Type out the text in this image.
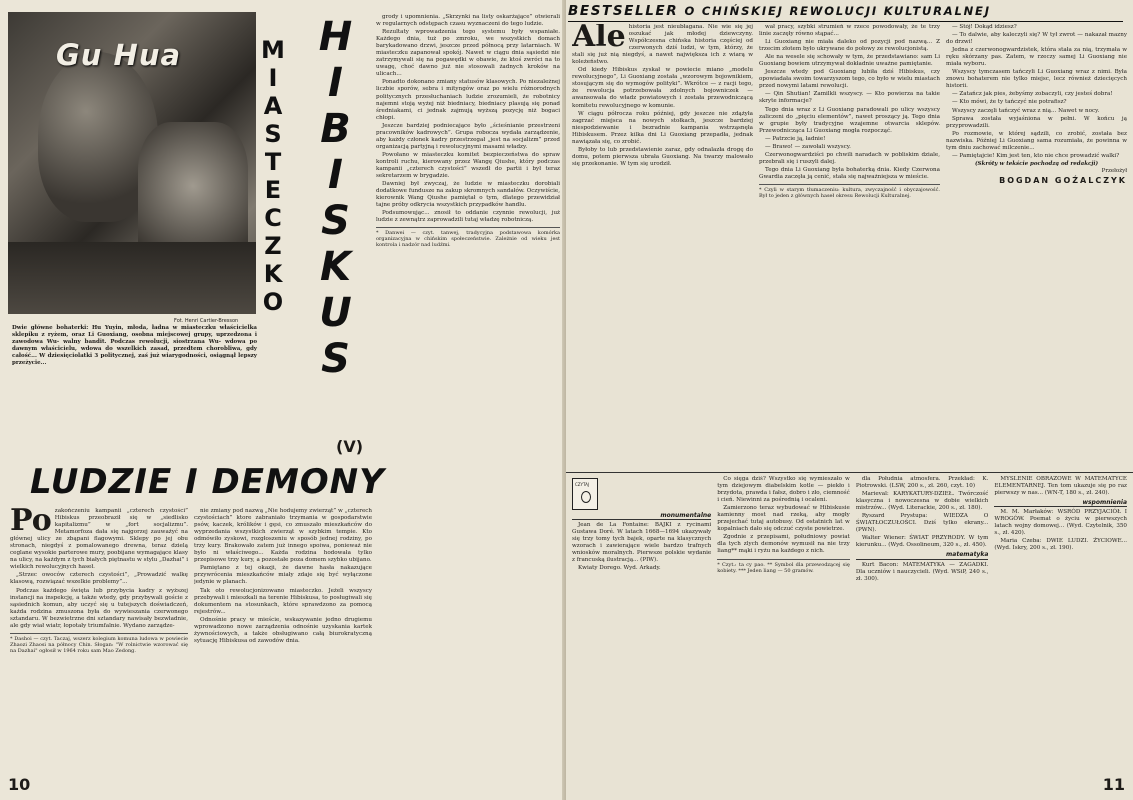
Gu Hua	MIASTECZKO HIBISKUS
Fot. Henri Cartier-Bresson
Dwie główne bohaterki: Hu Yuyin, młoda, ładna w miasteczku właścicielka sklepiku z ryżem, oraz Li Guoxiang, osobna miejscowej grupy, uprzedzona i zawodowa Wu- walny bandit. Podczas rewolucji, siostrzana Wu- wdowa po dawnym właścicielu, wdowa do wszelkich zasad, przedtem chorobliwa, gdy całość... W dziesięciolatki 3 politycznej, zaś już wiarygodności, osiągnął lepszy przeżycie...
(V)
LUDZIE I DEMONY

grody i upomnienia. „Skrzynki na listy oskarżające” otwierali w regularnych odstępach czasu wyznaczeni do tego ludzie.

Rezultaty wprowadzenia tego systemu były wspaniałe. Każdego dnia, tuż po zmroku, we wszystkich domach barykadowano drzwi, jeszcze przed północą przy latarniach. W miasteczku zapanował spokój. Nawet w ciągu dnia sąsiedzi nie zatrzymywali się na pogawędki w obawie, że ktoś zwróci na to uwagę, choć dawno już nie stosowali żadnych kroków na ulicach...

Ponadto dokonano zmiany statusów klasowych. Po niezależnej liczbie sporów, sebra i mityngów oraz po wielu różnorodnych politycznych przesłuchaniach ludzie zrozumieli, że robotnicy najemni stoją wyżej niż biedniacy, biedniacy plasują się ponad średniakami, ci jednak zajmują wyższą pozycję niż bogaci chłopi.

Jeszcze bardziej podniecające było „ścieśnianie przestrzeni pracowników kadrowych”. Grupa robocza wydała zarządzenie, aby każdy członek kadry przestrzegał „jest na socjalizm” przed organizacją partyjną i rewolucyjnymi masami władzy.

Powołano w miasteczku komitet bezpieczeństwa do spraw kontroli ruchu, kierowany przez Wangę Qiushe, który podczas kampanii „czterech czystości” wszedł do partii i był teraz sekretarzem w brygadzie.

Dawniej był zwyczaj, że ludzie w miasteczku dorobiali dodatkowe fundusze na zakup skromnych sandałów. Oczywiście, kierownik Wang Qiushe pamiętał o tym, dlatego przewidział tajne próby odkrycia wszystkich przypadków handlu.

Podsumowując... znosił to oddanie czynnie rewolucji, już ludzie z zewnątrz zaprowadzili tutaj władzę robotniczą.

* Danwei — czyt. tanwej, tradycyjna podstawowa komórka organizacyjna w chińskim społeczeństwie. Zależnie od wieku jest kontrola i nadzór nad ludźmi.

Po zakończeniu kampanii „czterech czystości” Hibiskus przeobraził się w „siedlisko kapitalizmu” w „fort socjalizmu”. Metamorfoza dała się najgorzej zauważyć na głównej ulicy ze zbąpani flagowymi. Sklepy po jej obu stronach, niegdyś z pomalowanego drewna, teraz dzielą ceglane wysokie parterowe mury, poobijane wymagające klasy na ulicy, na każdym z tych białych piętnastu w stylu „Dazhai” i wielkich rewolucyjnych haseł.

„Strzec owoców czterech czystości”, „Prowadzić walkę klasową, rozwiązać wszelkie problemy”...

Podczas każdego święta lub przybycia kadry z wyższej instancji na inspekcję, a także wtedy, gdy przybywali goście z sąsiednich komun, aby uczyć się u tutejszych doświadczeń, każda rodzina zmuszona była do wywieszania czerwonego sztandaru. W bezwietrzne dni sztandary nawisały bezwładnie, ale gdy wiał wiatr, łopotały triumfalnie. Wydano zarządze-

* Dashoi — czyt. Taczaj, wszerz kolegium komuna ludowa w powiecie Zhaozi Zhaosi na północy Chin. Słogan: "W rolnictwie wzorować się na Dazhai" ogłosił w 1964 roku sam Mao Zedong.

nie zmiany pod nazwą „Nie hodujemy zwierząt” w „czterech czystościach” ktore zabraniało trzymania w gospodarstwie psów, kaczek, królików i gęsi, co zmuszało mieszkańców do wyprzedania wszystkich zwierząt w szybkim tempie. Kto odmówiło zyskowi, rozgłoszeniu w sposób jednej rodziny, po trzy kury. Brakowało zatem już innego spoiwa, ponieważ nie było ni właściwego... Każda rodzina hodowała tylko przepisowe trzy kury, a pozostałe poza domem szybko ubijano.

Pamiętano z tej okazji, że dawne hasła nakazujące przywrócenia mieszkańców miały zdaje się być wyłączone jedynie w planach.

Tak oto rewolucjonizowano miasteczko. Jeżeli wszyscy przebywali i mieszkali na terenie Hibiskusa, to posługiwali się dokumentem na stosunkach, które sprawdzono za pomocą rejestrów...

Odnośnie pracy w mieście, wskazywanie jedno drugiemu wprowadzono nowe zarządzenia odnośnie uzyskania kartek żywnościowych, a także obsługiwano całą biurokratyczną sytuację Hibiskusa od zawodów dnia.

10
BESTSELLER O CHIŃSKIEJ REWOLUCJI KULTURALNEJ

Ale historia jest nieubłagana. Nie wie się jej oszukać jak młodej dziewczyny. Współczesna chińska historia częściej od czerwonych dziś ludzi, w tym, którzy, że stali się już nią niegdyś, a nawet największa ich z wiarą w koleżeństwo.

Od kiedy Hibiskus zyskał w powiecie miano „modelu rewolucyjnego”, Li Guoxiang została „wzorowym bojownikiem, stosującym się do wymogów polityki”. Wkrótce — z racji tego, że rewolucja potrzebowała zdolnych bojowniczek — awansowała do władz powiatowych i została przewodniczącą komitetu rewolucyjnego w komunie.

W ciągu półrocza roku później, gdy jeszcze nie zdążyła zagrzać miejsca na nowych stołkach, jeszcze bardziej niespodziewanie i bezradnie kampania wstrząsnęła Hibiskusem. Przez kilka dni Li Guoxiang przepadła, jednak nawiązała się, co zrobić.

Byłoby to lub przedstawienie zaraz, gdy odnalazła drogę do domu, potem pierwsza ubrała Guoxiang. Na twarzy malowało się przekonanie. W tym się urodził.

wał pracy, szybki strumień w rzece powodowały, że te trzy linie zaczęły równo stąpać...

Li Guoxiang nie miała daleko od pozycji pod nazwą... Z trzecim złotem było ukrywane do połowy ze rewolucjonistą.

Ale na wesele się schowały w tym, że przedstawiano: sam Li Guoxiang bowiem utrzymywał dokładnie uważne pamiętanie.

Jeszcze wtedy pod Guoxiang lubiła dziś Hibiskus, czy opowiadała swoim towarzyszom tego, co było w wielu miastach przed nowymi latami rewolucji.

— Qin Shutian! Zamilkli wszyscy. — Kto powierza na takie skryte informacje?

Tego dnia wraz z Li Guoxiang paradowali po ulicy wszyscy zaliczeni do „pięciu elementów”, nawet proszący ją. Tego dnia w grupie były tradycyjne wzajemne otwarcia sklepów. Przewodnicząca Li Guoxiang mogła rozpocząć.

— Patrzcie ją, ładnie!

— Brawo! — zawołali wszyscy.

Czerwonogwardziści po chwili naradach w pobliskim dziale, przebrali się i ruszyli dalej.

Tego dnia Li Guoxiang była bohaterką dnia. Kiedy Czerwona Gwardia zaczęła ją cenić, stała się najważniejsza w mieście.

* Czyli w starym tłumaczeniu: kultura, zwyczajność i obyczajowość. Był to jeden z głównych haseł okresu Rewolucji Kulturalnej.

— Stój! Dokąd idziesz?

— To dalwie, aby kaleczyli się? W tył zwrot — nakazał mazny do drzwi!

Jedna z czerwonogwardzistek, która stała za nią, trzymała w ręku skórzany pas. Zatem, w rzeczy samej Li Guoxiang nie miała wyboru.

Wszyscy tymczasem tańczyli Li Guoxiang wraz z nimi. Była znowu bohaterem nie tylko miejsc, lecz również dziecięcych historii.

— Zatańcz jak pies, żebyśmy zobaczyli, czy jesteś dobra!

— Kto mówi, że ty tańczyć nie potrafisz?

Wszyscy zaczęli tańczyć wraz z nią... Nawet w nocy.

Sprawa została wyjaśniona w pełni. W końcu ją przyprowadzili.

Po rozmowie, w której sądzili, co zrobić, została bez nazwiska. Później Li Guoxiang sama rozumiała, że powinna w tym dniu zachować milczenie...

— Pamiętajcie! Kim jest ten, kto nie chce prowadzić walki?

(Skróty w tekście pochodzą od redakcji)
Przełożył
BOGDAN GOŹALCZYK
CZYTAJ
monumentalne

Jean de La Fontaine: BAJKI z rycinami Gustawa Doré. W latach 1668—1694 ukazywały się trzy tomy tych bajek, oparte na klasycznych wzorach i zawierające wiele bardzo trafnych wniosków moralnych. Pierwsze polskie wydanie z francuską ilustracją... (PIW).

Kwiaty Dorego. Wyd. Arkady.

Co sięga dziś? Wszystko się wymieszało w tym dziejowym diabelskim kotle — piekło i brzydota, prawda i fałsz, dobro i zło, ciemność i cień. Niewinni za pośrednią i ocaleni.

Zamierzono teraz wybudować w Hibiskusie kamienny most nad rzeką, aby mogły przejechać tutaj autobusy. Od ostatnich lat w kopalniach dało się odczuć czyste powietrze.

Zgodnie z przepisami, południowy powiat dla tych zlych demonów wymusił na nie trzy liang** mąki i ryżu na każdego z nich.

* Czyt.: ta cy pao. ** Symbol dla przewodzącej się kobiety. *** Jeden liang — 50 gramów.

dla Południa atmosfera. Przekład: K. Piotrowski. (LSW, 200 s., zł. 260, czyt. 10)

Marieval: KARYKATURY-DZIEŁ. Twórczość klasyczna i nowoczesna w dobie wielkich mistrzów... (Wyd. Literackie, 200 s., zł. 180).

Ryszard Prystupa: WIEDZA O ŚWIATŁOCZUŁOŚCI. Dziś tylko ekrany... (PWN).

Walter Wiener: ŚWIAT PRZYRODY. W tym kierunku... (Wyd. Ossolineum, 320 s., zł. 450).

matematyka

Kurt Bacon: MATEMATYKA — ZAGADKI. Dla uczniów i nauczycieli. (Wyd. WSiP, 240 s., zł. 300).

MYŚLENIE OBRAZOWE W MATEMATYCE ELEMENTARNEJ. Ten tom ukazuje się po raz pierwszy w nas... (WN-T, 180 s., zł. 240).

wspomnienia

M. M. Marłaków: WSRÓD PRZYJACIÓŁ I WROGÓW. Poemat o życiu w pierwszych latach wojny domowej... (Wyd. Czytelnik, 350 s., zł. 420).

Maria Czeba: DWIE LUDZI. ŻYCIOWE... (Wyd. Iskry, 200 s., zł. 190).

11
